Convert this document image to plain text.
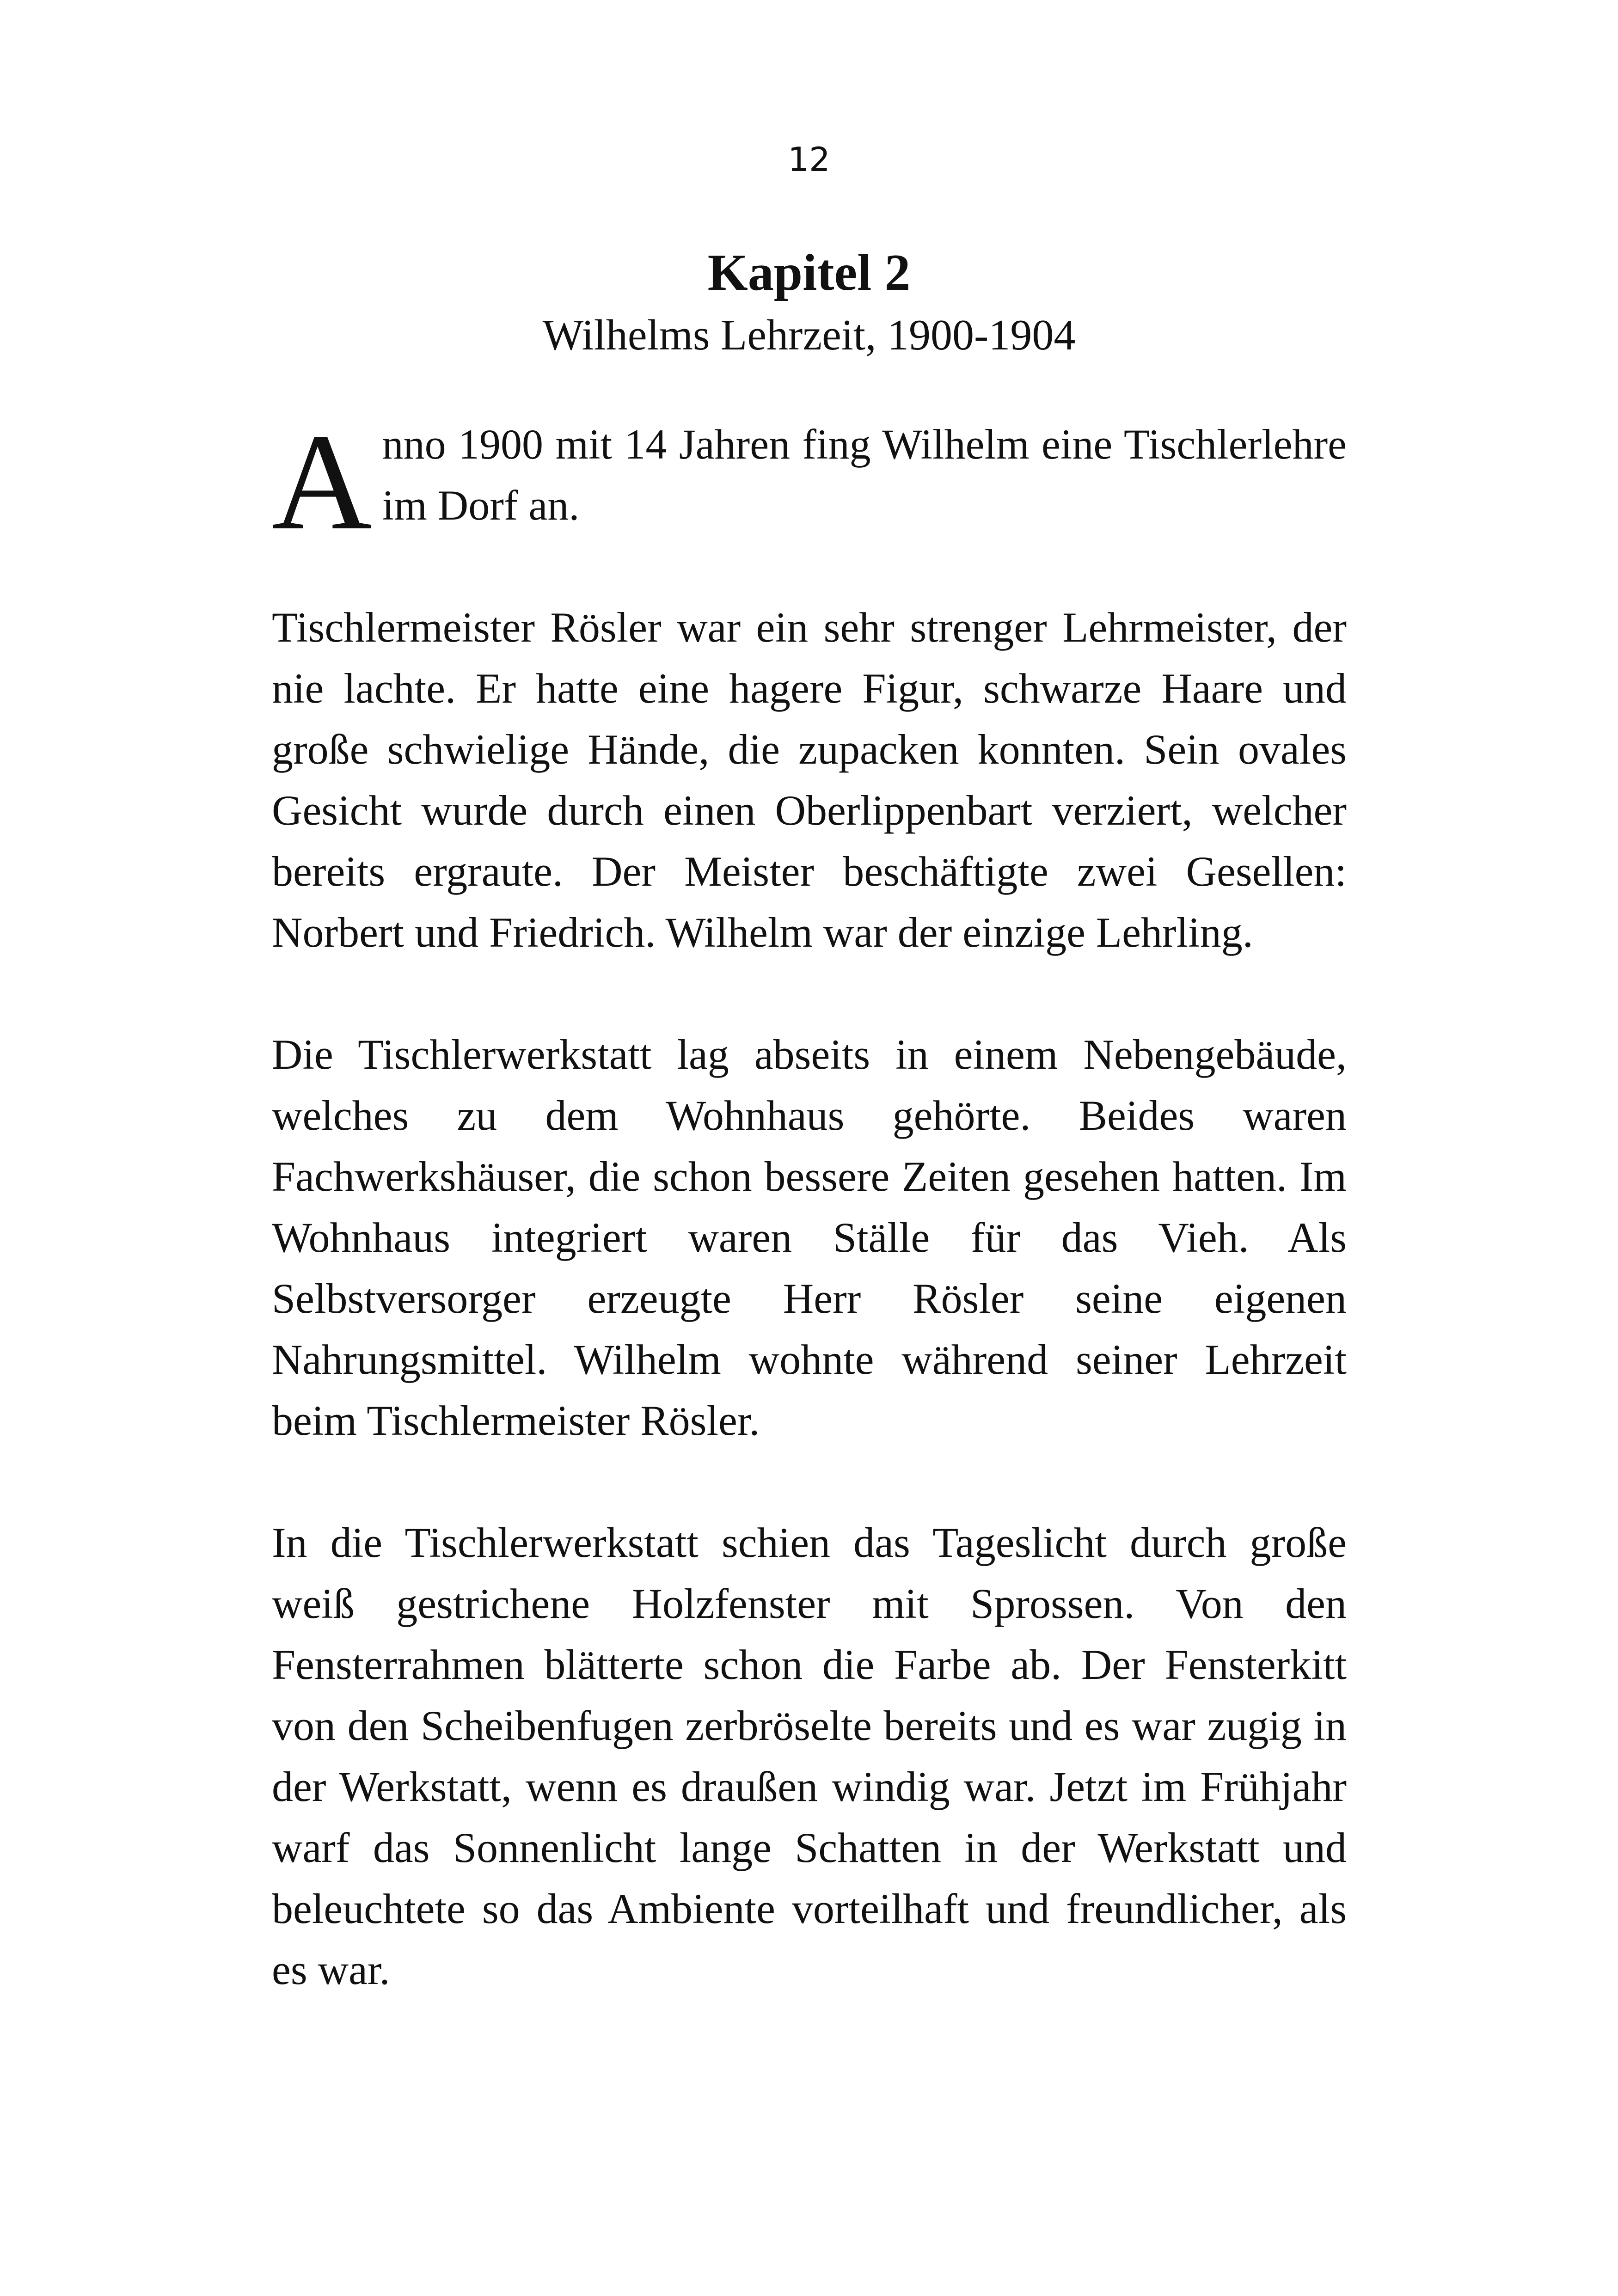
12
Kapitel 2
Wilhelms Lehrzeit, 1900-1904

Anno 1900 mit 14 Jahren fing Wilhelm eine Tischlerlehre im Dorf an.

Tischlermeister Rösler war ein sehr strenger Lehrmeister, der nie lachte. Er hatte eine hagere Figur, schwarze Haare und große schwielige Hände, die zupacken konnten. Sein ovales Gesicht wurde durch einen Oberlippenbart verziert, welcher bereits ergraute. Der Meister beschäftigte zwei Gesellen: Norbert und Friedrich. Wilhelm war der einzige Lehrling.

Die Tischlerwerkstatt lag abseits in einem Nebengebäude, welches zu dem Wohnhaus gehörte. Beides waren Fachwerkshäuser, die schon bessere Zeiten gesehen hatten. Im Wohnhaus integriert waren Ställe für das Vieh. Als Selbstversorger erzeugte Herr Rösler seine eigenen Nahrungsmittel. Wilhelm wohnte während seiner Lehrzeit beim Tischlermeister Rösler.

In die Tischlerwerkstatt schien das Tageslicht durch große weiß gestrichene Holzfenster mit Sprossen. Von den Fensterrahmen blätterte schon die Farbe ab. Der Fensterkitt von den Scheibenfugen zerbröselte bereits und es war zugig in der Werkstatt, wenn es draußen windig war. Jetzt im Frühjahr warf das Sonnenlicht lange Schatten in der Werkstatt und beleuchtete so das Ambiente vorteilhaft und freundlicher, als es war.
